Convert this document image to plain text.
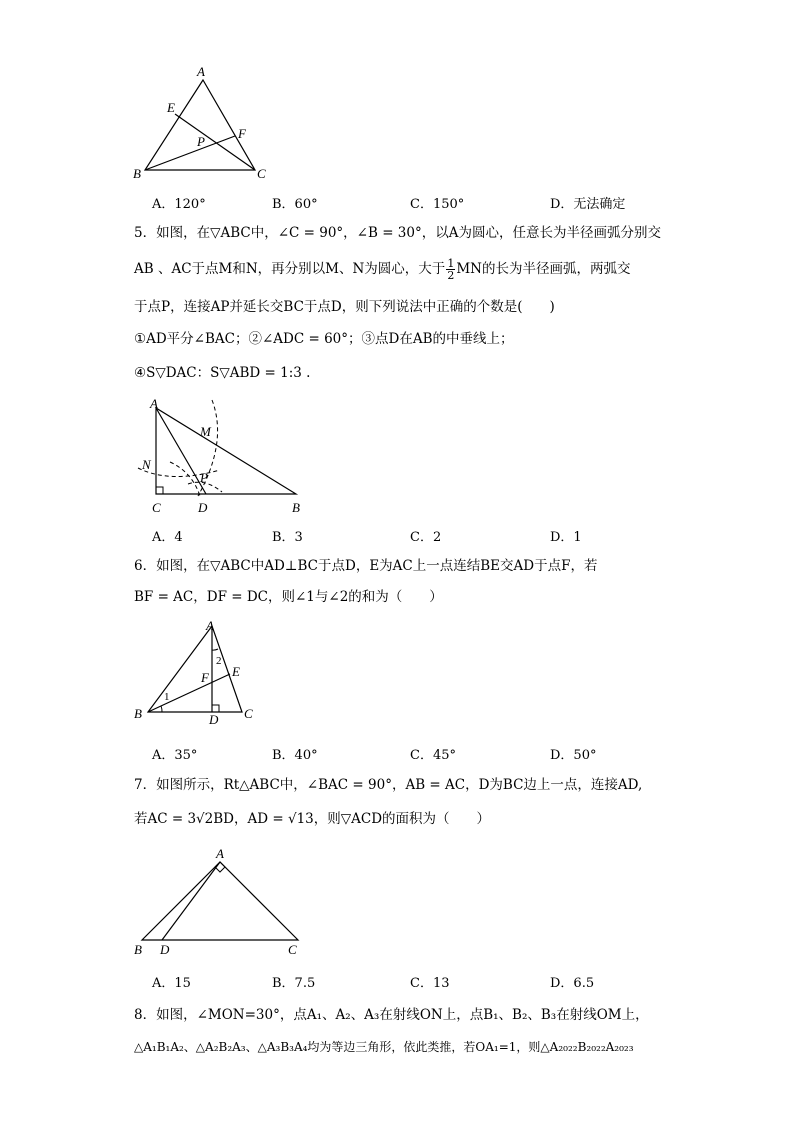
A
E
F
P
B	C
A．120°	B．60°	C．150°	D．无法确定
5．如图，在▽ABC中，∠C = 90°，∠B = 30°，以A为圆心，任意长为半径画弧分别交
AB 、AC于点M和N，再分别以M、N为圆心，大于 $\frac{1}{2}$ MN的长为半径画弧，两弧交
于点P，连接AP并延长交BC于点D，则下列说法中正确的个数是(　　)
①AD平分∠BAC；②∠ADC = 60°；③点D在AB的中垂线上；
④S▽DAC：S▽ABD = 1:3 .
A
M
N
P
C	D	B
A．4	B．3	C．2	D．1
6．如图，在▽ABC中AD⊥BC于点D，E为AC上一点连结BE交AD于点F，若
BF = AC，DF = DC，则∠1与∠2的和为（　　）
A
2
E
F
1
B	D C
A．35°	B．40°	C．45°	D．50°
7．如图所示，Rt△ABC中，∠BAC = 90°，AB = AC，D为BC边上一点，连接AD,
若AC = 3√2BD，AD = √13，则▽ACD的面积为（　　）
A
B D	C
A．15	B．7.5	C．13	D．6.5
8．如图，∠MON=30°，点A₁、A₂、A₃在射线ON上，点B₁、B₂、B₃在射线OM上，
△A₁B₁A₂、△A₂B₂A₃、△A₃B₃A₄均为等边三角形，依此类推，若OA₁=1，则△A₂₀₂₂B₂₀₂₂A₂₀₂₃
